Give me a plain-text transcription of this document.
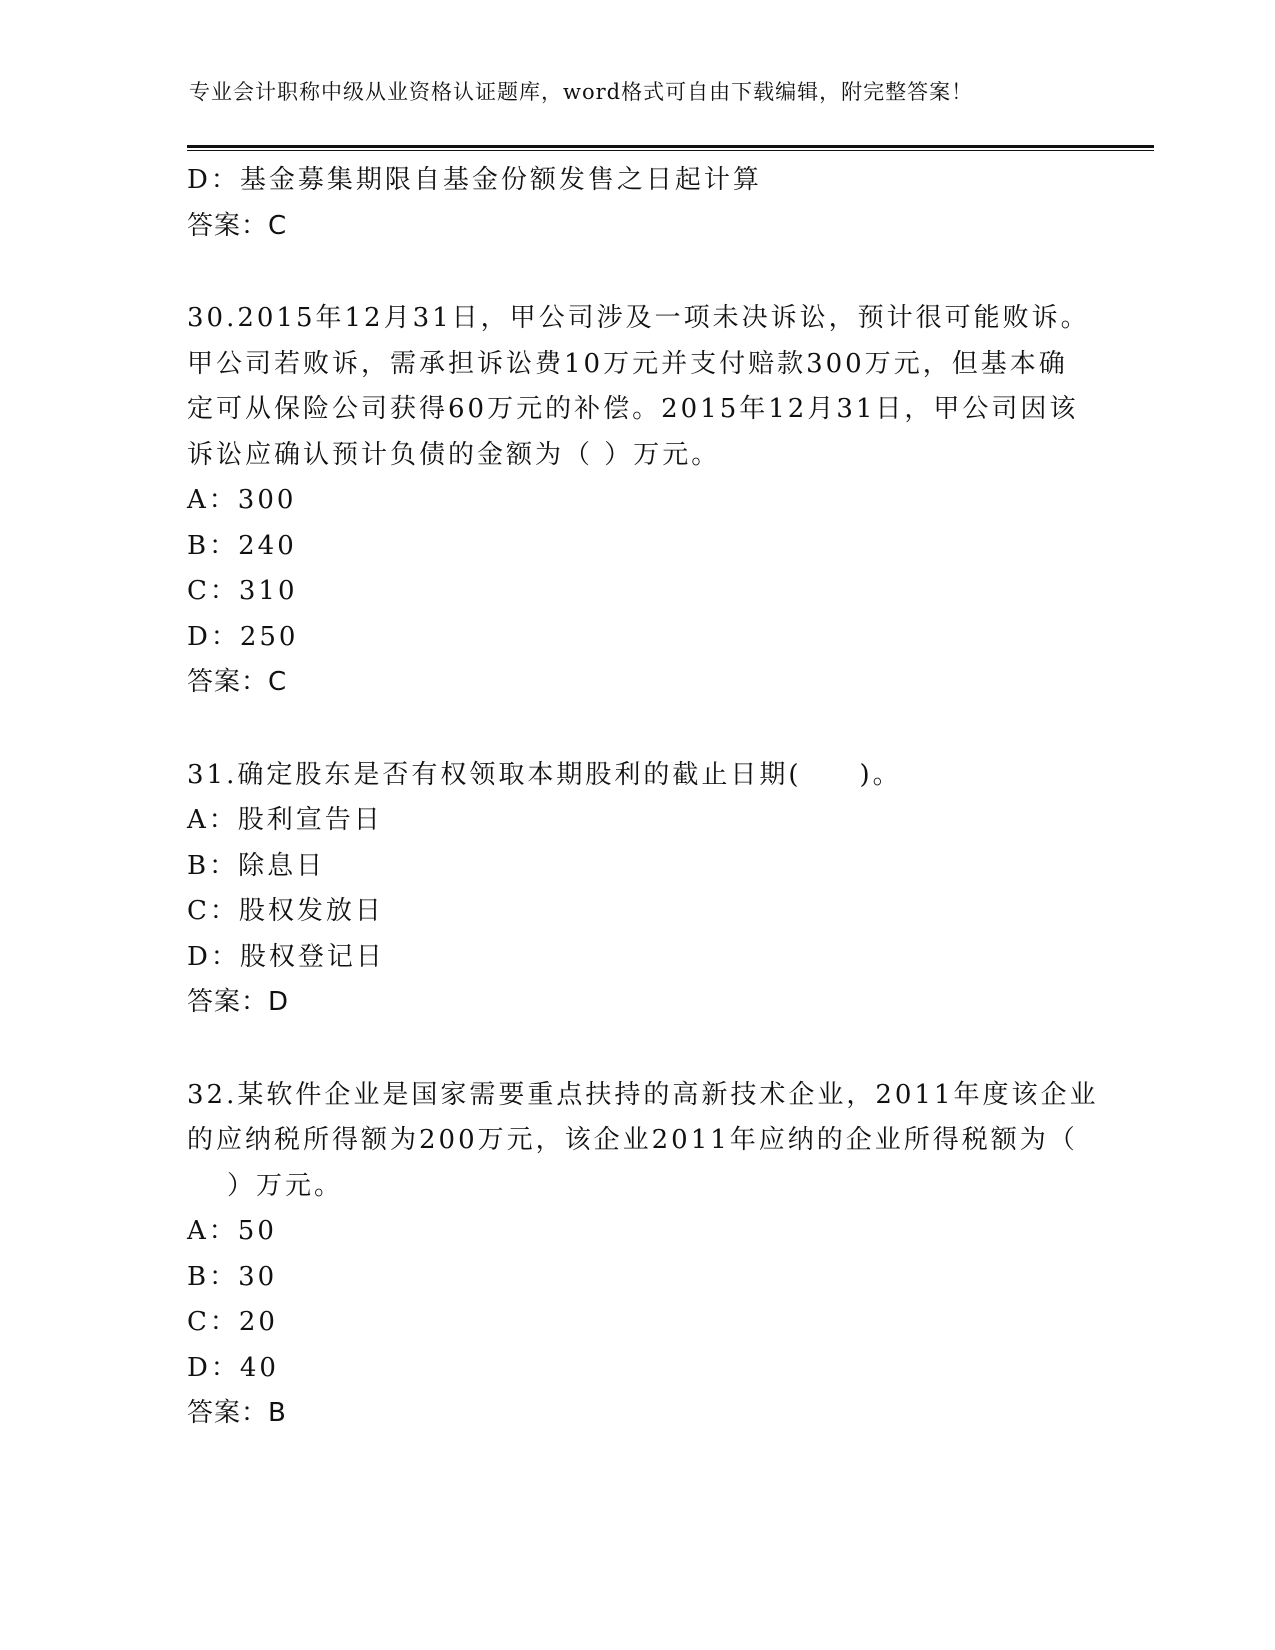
专业会计职称中级从业资格认证题库，word格式可自由下载编辑，附完整答案！
D：基金募集期限自基金份额发售之日起计算
答案：C
30.2015年12月31日，甲公司涉及一项未决诉讼，预计很可能败诉。
甲公司若败诉，需承担诉讼费10万元并支付赔款300万元，但基本确
定可从保险公司获得60万元的补偿。2015年12月31日，甲公司因该
诉讼应确认预计负债的金额为（ ）万元。
A：300
B：240
C：310
D：250
答案：C
31.确定股东是否有权领取本期股利的截止日期(　　)。
A：股利宣告日
B：除息日
C：股权发放日
D：股权登记日
答案：D
32.某软件企业是国家需要重点扶持的高新技术企业，2011年度该企业
的应纳税所得额为200万元，该企业2011年应纳的企业所得税额为（
）万元。
A：50
B：30
C：20
D：40
答案：B
